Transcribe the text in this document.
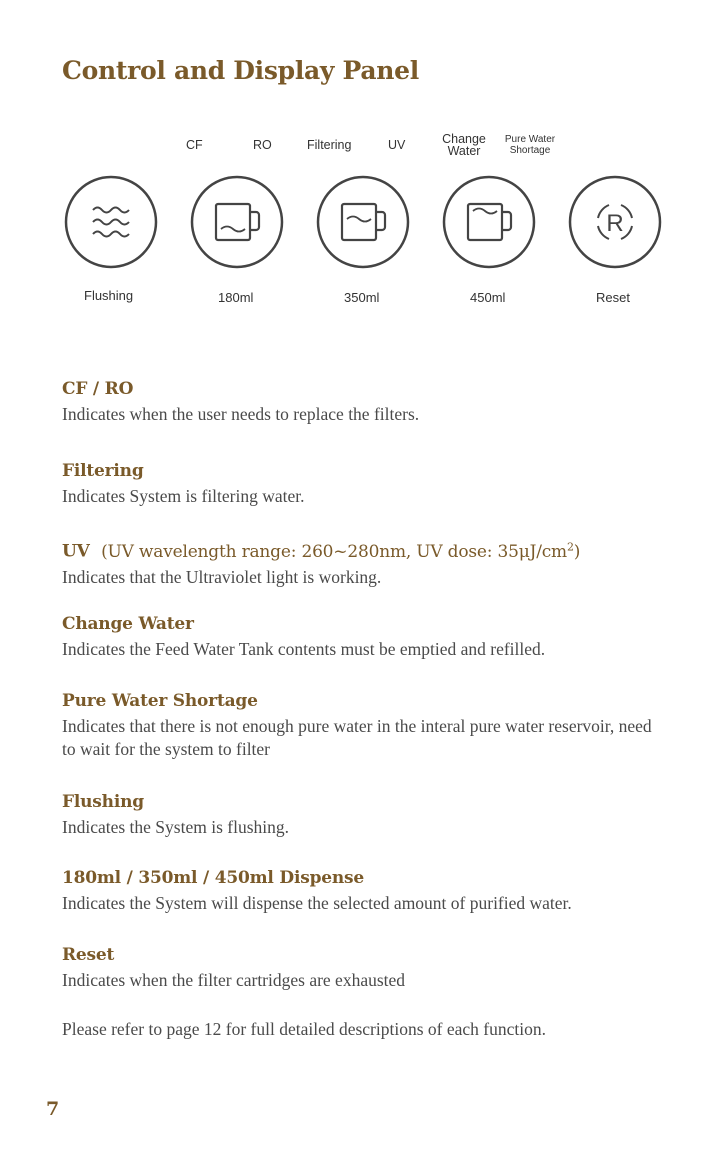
Control and Display Panel
CF	RO	Filtering	UV	Change
Water
Pure Water
Shortage
R
Flushing	180ml	350ml	450ml	Reset
CF / RO
Indicates when the user needs to replace the filters.
Filtering
Indicates System is filtering water.
UV (UV wavelength range: 260~280nm, UV dose: $35\mu J/cm^2$)
Indicates that the Ultraviolet light is working.
Change Water
Indicates the Feed Water Tank contents must be emptied and refilled.
Pure Water Shortage
Indicates that there is not enough pure water in the interal pure water reservoir, need to wait for the system to filter
Flushing
Indicates the System is flushing.
180ml / 350ml / 450ml Dispense
Indicates the System will dispense the selected amount of purified water.
Reset
Indicates when the filter cartridges are exhausted
Please refer to page 12 for full detailed descriptions of each function.
7
